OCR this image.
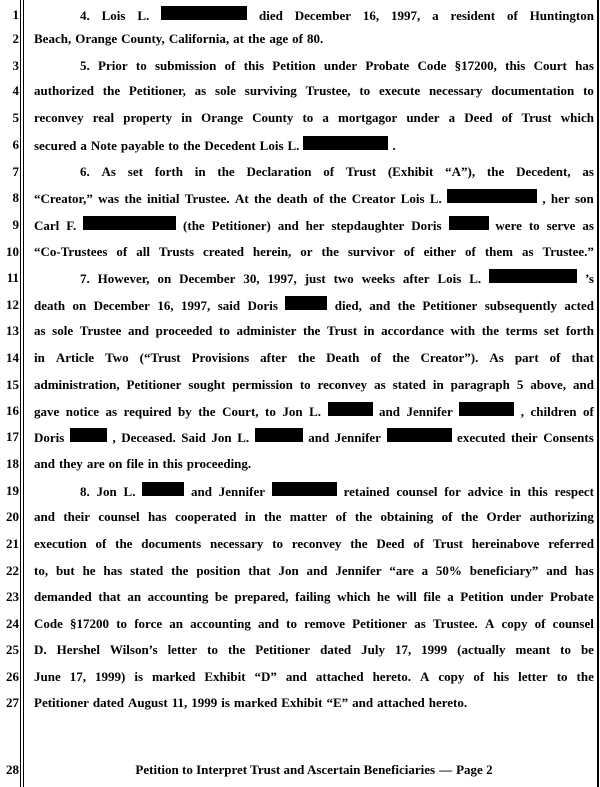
1
2
3
4
5
6
7
8
9
10
11
12
13
14
15
16
17
18
19
20
21
22
23
24
25
26
27
28
4. Lois L.	died December 16, 1997, a resident of Huntington
Beach, Orange County, California, at the age of 80.
5. Prior to submission of this Petition under Probate Code §17200, this Court has
authorized the Petitioner, as sole surviving Trustee, to execute necessary documentation to
reconvey real property in Orange County to a mortgagor under a Deed of Trust which
secured a Note payable to the Decedent Lois L.	.
6. As set forth in the Declaration of Trust (Exhibit “A”), the Decedent, as
“Creator,” was the initial Trustee. At the death of the Creator Lois L.	, her son
Carl F.	(the Petitioner) and her stepdaughter Doris	were to serve as
“Co-Trustees of all Trusts created herein, or the survivor of either of them as Trustee.”
7. However, on December 30, 1997, just two weeks after Lois L.	’s
death on December 16, 1997, said Doris	died, and the Petitioner subsequently acted
as sole Trustee and proceeded to administer the Trust in accordance with the terms set forth
in Article Two (“Trust Provisions after the Death of the Creator”). As part of that
administration, Petitioner sought permission to reconvey as stated in paragraph 5 above, and
gave notice as required by the Court, to Jon L.	and Jennifer	, children of
Doris	, Deceased. Said Jon L.	and Jennifer	executed their Consents
and they are on file in this proceeding.
8. Jon L.	and Jennifer	retained counsel for advice in this respect
and their counsel has cooperated in the matter of the obtaining of the Order authorizing
execution of the documents necessary to reconvey the Deed of Trust hereinabove referred
to, but he has stated the position that Jon and Jennifer “are a 50% beneficiary” and has
demanded that an accounting be prepared, failing which he will file a Petition under Probate
Code §17200 to force an accounting and to remove Petitioner as Trustee. A copy of counsel
D. Hershel Wilson’s letter to the Petitioner dated July 17, 1999 (actually meant to be
June 17, 1999) is marked Exhibit “D” and attached hereto. A copy of his letter to the
Petitioner dated August 11, 1999 is marked Exhibit “E” and attached hereto.
Petition to Interpret Trust and Ascertain Beneficiaries — Page 2
